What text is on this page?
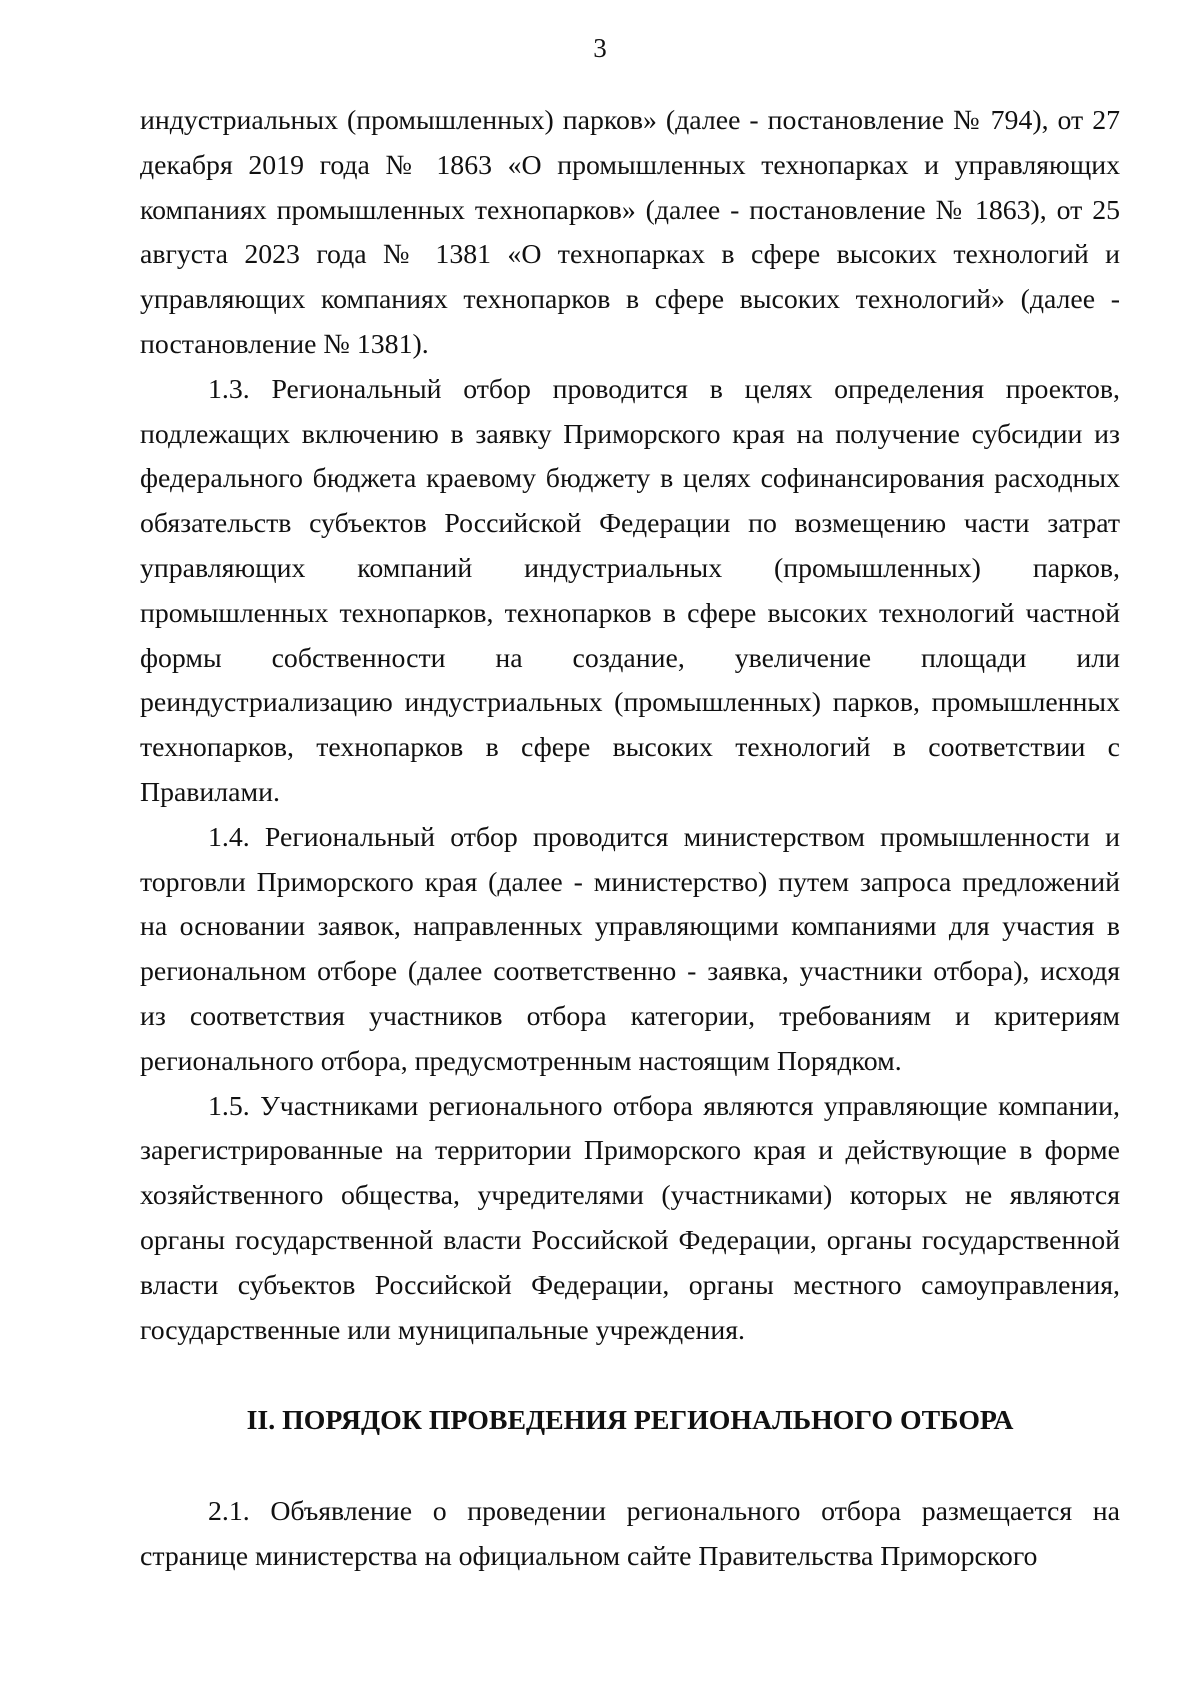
3

индустриальных (промышленных) парков» (далее - постановление № 794), от 27 декабря 2019 года № 1863 «О промышленных технопарках и управляющих компаниях промышленных технопарков» (далее - постановление № 1863), от 25 августа 2023 года № 1381 «О технопарках в сфере высоких технологий и управляющих компаниях технопарков в сфере высоких технологий» (далее - постановление № 1381).

1.3. Региональный отбор проводится в целях определения проектов, подлежащих включению в заявку Приморского края на получение субсидии из федерального бюджета краевому бюджету в целях софинансирования расходных обязательств субъектов Российской Федерации по возмещению части затрат управляющих компаний индустриальных (промышленных) парков, промышленных технопарков, технопарков в сфере высоких технологий частной формы собственности на создание, увеличение площади или реиндустриализацию индустриальных (промышленных) парков, промышленных технопарков, технопарков в сфере высоких технологий в соответствии с Правилами.

1.4. Региональный отбор проводится министерством промышленности и торговли Приморского края (далее - министерство) путем запроса предложений на основании заявок, направленных управляющими компаниями для участия в региональном отборе (далее соответственно - заявка, участники отбора), исходя из соответствия участников отбора категории, требованиям и критериям регионального отбора, предусмотренным настоящим Порядком.

1.5. Участниками регионального отбора являются управляющие компании, зарегистрированные на территории Приморского края и действующие в форме хозяйственного общества, учредителями (участниками) которых не являются органы государственной власти Российской Федерации, органы государственной власти субъектов Российской Федерации, органы местного самоуправления, государственные или муниципальные учреждения.

II. ПОРЯДОК ПРОВЕДЕНИЯ РЕГИОНАЛЬНОГО ОТБОРА

2.1. Объявление о проведении регионального отбора размещается на странице министерства на официальном сайте Правительства Приморского
